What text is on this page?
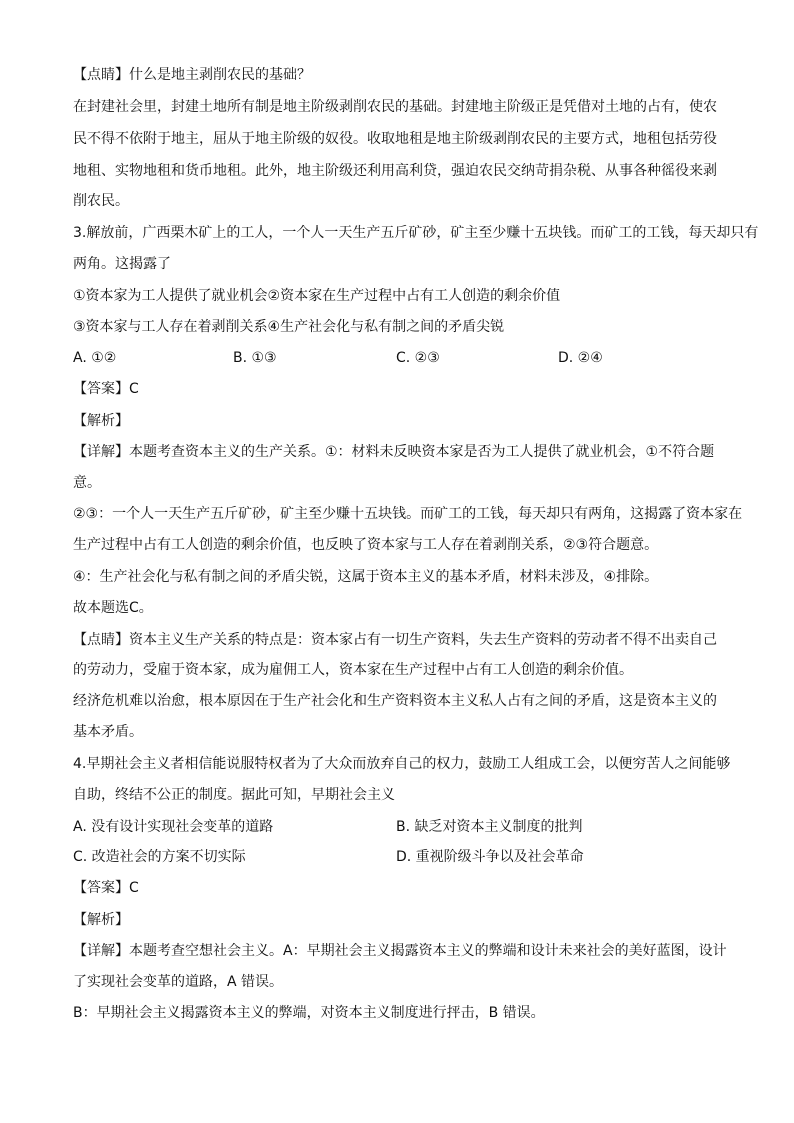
【点睛】什么是地主剥削农民的基础？
在封建社会里，封建土地所有制是地主阶级剥削农民的基础。封建地主阶级正是凭借对土地的占有，使农
民不得不依附于地主，屈从于地主阶级的奴役。收取地租是地主阶级剥削农民的主要方式，地租包括劳役
地租、实物地租和货币地租。此外，地主阶级还利用高利贷，强迫农民交纳苛捐杂税、从事各种徭役来剥
削农民。
3.解放前，广西栗木矿上的工人，一个人一天生产五斤矿砂，矿主至少赚十五块钱。而矿工的工钱，每天却只有
两角。这揭露了
①资本家为工人提供了就业机会②资本家在生产过程中占有工人创造的剩余价值
③资本家与工人存在着剥削关系④生产社会化与私有制之间的矛盾尖锐
A. ①②	B. ①③	C. ②③	D. ②④
【答案】C
【解析】
【详解】本题考查资本主义的生产关系。①：材料未反映资本家是否为工人提供了就业机会，①不符合题
意。
②③：一个人一天生产五斤矿砂，矿主至少赚十五块钱。而矿工的工钱，每天却只有两角，这揭露了资本家在
生产过程中占有工人创造的剩余价值，也反映了资本家与工人存在着剥削关系，②③符合题意。
④：生产社会化与私有制之间的矛盾尖锐，这属于资本主义的基本矛盾，材料未涉及，④排除。
故本题选C。
【点睛】资本主义生产关系的特点是：资本家占有一切生产资料，失去生产资料的劳动者不得不出卖自己
的劳动力，受雇于资本家，成为雇佣工人，资本家在生产过程中占有工人创造的剩余价值。
经济危机难以治愈，根本原因在于生产社会化和生产资料资本主义私人占有之间的矛盾，这是资本主义的
基本矛盾。
4.早期社会主义者相信能说服特权者为了大众而放弃自己的权力，鼓励工人组成工会，以便穷苦人之间能够
自助，终结不公正的制度。据此可知，早期社会主义
A. 没有设计实现社会变革的道路	B. 缺乏对资本主义制度的批判
C. 改造社会的方案不切实际	D. 重视阶级斗争以及社会革命
【答案】C
【解析】
【详解】本题考查空想社会主义。A：早期社会主义揭露资本主义的弊端和设计未来社会的美好蓝图，设计
了实现社会变革的道路，A 错误。
B：早期社会主义揭露资本主义的弊端，对资本主义制度进行抨击，B 错误。
